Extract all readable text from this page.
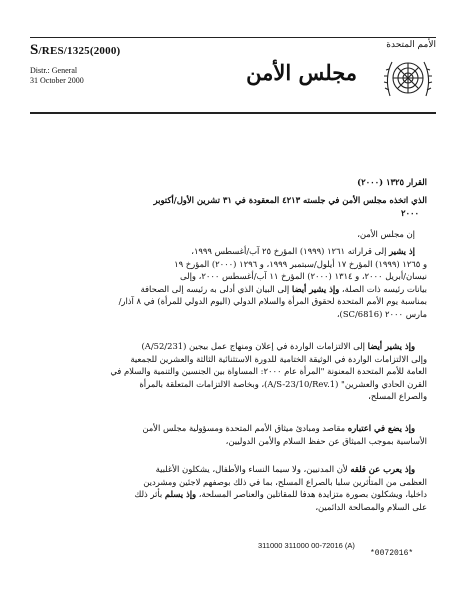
S/RES/1325(2000)
Distr.: General
31 October 2000
الأمم المتحدة
مجلس الأمن
القرار ١٣٢٥ (٢٠٠٠)
الذي اتخذه مجلس الأمن في جلسته ٤٢١٣ المعقودة في ٣١ تشرين الأول/أكتوبر
٢٠٠٠
إن مجلس الأمن،
إذ يشير إلى قراراته ١٢٦١ (١٩٩٩) المؤرخ ٢٥ آب/أغسطس ١٩٩٩،
و ١٢٦٥ (١٩٩٩) المؤرخ ١٧ أيلول/سبتمبر ١٩٩٩، و ١٢٩٦ (٢٠٠٠) المؤرخ ١٩
نيسان/أبريل ٢٠٠٠، و ١٣١٤ (٢٠٠٠) المؤرخ ١١ آب/أغسطس ٢٠٠٠، وإلى
بيانات رئيسه ذات الصلة، وإذ يشير أيضا إلى البيان الذي أدلى به رئيسه إلى الصحافة
بمناسبة يوم الأمم المتحدة لحقوق المرأة والسلام الدولي (اليوم الدولي للمرأة) في ٨ آذار/
مارس ٢٠٠٠ (SC/6816)،
وإذ يشير أيضا إلى الالتزامات الواردة في إعلان ومنهاج عمل بيجين (A/52/231)
وإلى الالتزامات الواردة في الوثيقة الختامية للدورة الاستثنائية الثالثة والعشرين للجمعية
العامة للأمم المتحدة المعنونة "المرأة عام ٢٠٠٠: المساواة بين الجنسين والتنمية والسلام في
القرن الحادي والعشرين" (A/S-23/10/Rev.1)، وبخاصة الالتزامات المتعلقة بالمرأة
والصراع المسلح،
وإذ يضع في اعتباره مقاصد ومبادئ ميثاق الأمم المتحدة ومسؤولية مجلس الأمن
الأساسية بموجب الميثاق عن حفظ السلام والأمن الدوليين،
وإذ يعرب عن قلقه لأن المدنيين، ولا سيما النساء والأطفال، يشكلون الأغلبية
العظمى من المتأثرين سلبا بالصراع المسلح، بما في ذلك بوصفهم لاجئين ومشردين
داخليا، ويشكلون بصورة متزايدة هدفا للمقاتلين والعناصر المسلحة، وإذ يسلم بأثر ذلك
على السلام والمصالحة الدائمين،
311000 311000 00-72016 (A)
*0072016*
